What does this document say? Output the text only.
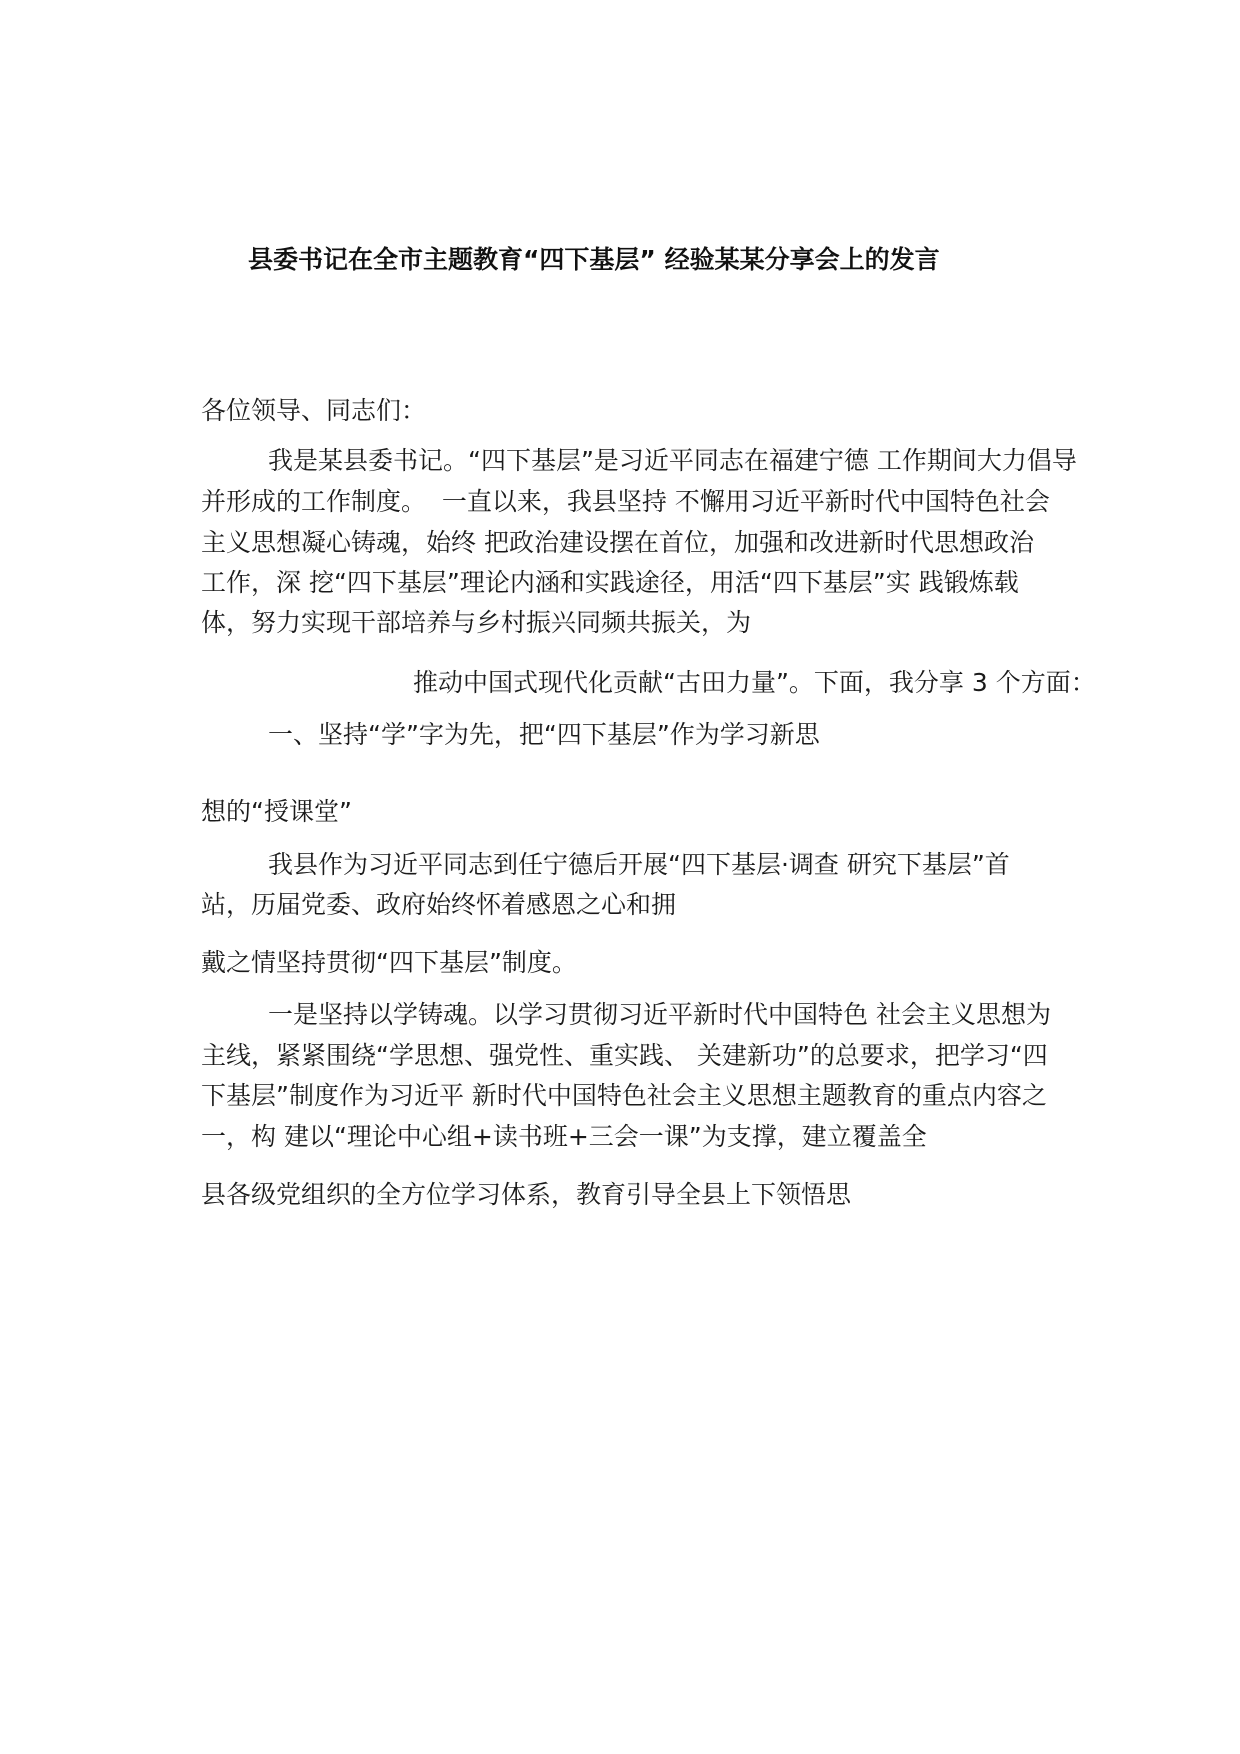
县委书记在全市主题教育“四下基层” 经验某某分享会上的发言
各位领导、同志们：
我是某县委书记。“四下基层”是习近平同志在福建宁德 工作期间大力倡导
并形成的工作制度。  一直以来，我县坚持 不懈用习近平新时代中国特色社会
主义思想凝心铸魂，始终 把政治建设摆在首位，加强和改进新时代思想政治
工作，深 挖“四下基层”理论内涵和实践途径，用活“四下基层”实 践锻炼载
体，努力实现干部培养与乡村振兴同频共振关，为
推动中国式现代化贡献“古田力量”。下面，我分享 3 个方面：
一、坚持“学”字为先，把“四下基层”作为学习新思
想的“授课堂”
我县作为习近平同志到任宁德后开展“四下基层·调查 研究下基层”首
站，历届党委、政府始终怀着感恩之心和拥
戴之情坚持贯彻“四下基层”制度。
一是坚持以学铸魂。以学习贯彻习近平新时代中国特色 社会主义思想为
主线，紧紧围绕“学思想、强党性、重实践、 关建新功”的总要求，把学习“四
下基层”制度作为习近平 新时代中国特色社会主义思想主题教育的重点内容之
一，构 建以“理论中心组+读书班+三会一课”为支撑，建立覆盖全
县各级党组织的全方位学习体系，教育引导全县上下领悟思
